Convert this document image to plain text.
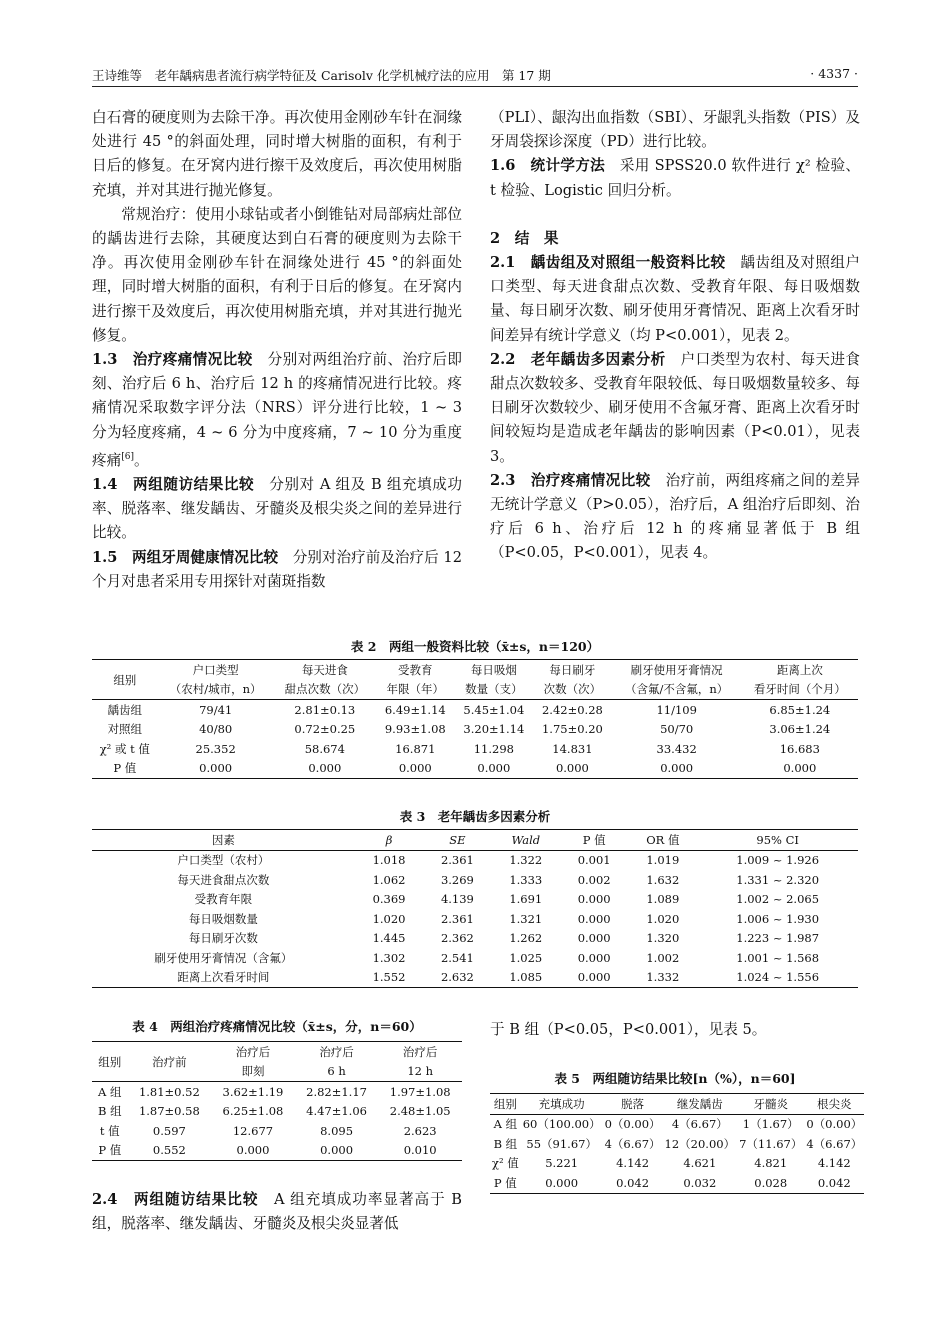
王诗维等　老年龋病患者流行病学特征及 Carisolv 化学机械疗法的应用　第 17 期	· 4337 ·

白石膏的硬度则为去除干净。再次使用金刚砂车针在洞缘处进行 45 °的斜面处理，同时增大树脂的面积，有利于日后的修复。在牙窝内进行擦干及效度后，再次使用树脂充填，并对其进行抛光修复。

常规治疗：使用小球钻或者小倒锥钻对局部病灶部位的龋齿进行去除，其硬度达到白石膏的硬度则为去除干净。再次使用金刚砂车针在洞缘处进行 45 °的斜面处理，同时增大树脂的面积，有利于日后的修复。在牙窝内进行擦干及效度后，再次使用树脂充填，并对其进行抛光修复。

1.3　治疗疼痛情况比较　 分别对两组治疗前、治疗后即刻、治疗后 6 h、治疗后 12 h 的疼痛情况进行比较。疼痛情况采取数字评分法（NRS）评分进行比较，1 ~ 3 分为轻度疼痛，4 ~ 6 分为中度疼痛，7 ~ 10 分为重度疼痛[6]。

1.4　两组随访结果比较　 分别对 A 组及 B 组充填成功率、脱落率、继发龋齿、牙髓炎及根尖炎之间的差异进行比较。

1.5　两组牙周健康情况比较　 分别对治疗前及治疗后 12 个月对患者采用专用探针对菌斑指数

（PLI）、龈沟出血指数（SBI）、牙龈乳头指数（PIS）及牙周袋探诊深度（PD）进行比较。

1.6　统计学方法　 采用 SPSS20.0 软件进行 χ² 检验、t 检验、Logistic 回归分析。

2　结　果

2.1　龋齿组及对照组一般资料比较　 龋齿组及对照组户口类型、每天进食甜点次数、受教育年限、每日吸烟数量、每日刷牙次数、刷牙使用牙膏情况、距离上次看牙时间差异有统计学意义（均 P<0.001），见表 2。

2.2　老年龋齿多因素分析　 户口类型为农村、每天进食甜点次数较多、受教育年限较低、每日吸烟数量较多、每日刷牙次数较少、刷牙使用不含氟牙膏、距离上次看牙时间较短均是造成老年龋齿的影响因素（P<0.01），见表 3。

2.3　治疗疼痛情况比较　 治疗前，两组疼痛之间的差异无统计学意义（P>0.05），治疗后，A 组治疗后即刻、治疗后 6 h、治疗后 12 h 的疼痛显著低于 B 组（P<0.05，P<0.001），见表 4。

表 2　两组一般资料比较（x̄±s，n＝120）
组别	户口类型	每天进食	受教育	每日吸烟	每日刷牙	刷牙使用牙膏情况	距离上次
	（农村/城市，n）	甜点次数（次）	年限（年）	数量（支）	次数（次）	（含氟/不含氟，n）	看牙时间（个月）
龋齿组	79/41	2.81±0.13	6.49±1.14	5.45±1.04	2.42±0.28	11/109	6.85±1.24
对照组	40/80	0.72±0.25	9.93±1.08	3.20±1.14	1.75±0.20	50/70	3.06±1.24
χ² 或 t 值	25.352	58.674	16.871	11.298	14.831	33.432	16.683
P 值	0.000	0.000	0.000	0.000	0.000	0.000	0.000
表 3　老年龋齿多因素分析
因素	β	SE	Wald	P 值	OR 值	95% CI
户口类型（农村）	1.018	2.361	1.322	0.001	1.019	1.009 ~ 1.926
每天进食甜点次数	1.062	3.269	1.333	0.002	1.632	1.331 ~ 2.320
受教育年限	0.369	4.139	1.691	0.000	1.089	1.002 ~ 2.065
每日吸烟数量	1.020	2.361	1.321	0.000	1.020	1.006 ~ 1.930
每日刷牙次数	1.445	2.362	1.262	0.000	1.320	1.223 ~ 1.987
刷牙使用牙膏情况（含氟）	1.302	2.541	1.025	0.000	1.002	1.001 ~ 1.568
距离上次看牙时间	1.552	2.632	1.085	0.000	1.332	1.024 ~ 1.556
表 4　两组治疗疼痛情况比较（x̄±s，分，n＝60）
组别	治疗前	治疗后	治疗后	治疗后
		即刻	6 h	12 h
A 组	1.81±0.52	3.62±1.19	2.82±1.17	1.97±1.08
B 组	1.87±0.58	6.25±1.08	4.47±1.06	2.48±1.05
t 值	0.597	12.677	8.095	2.623
P 值	0.552	0.000	0.000	0.010

2.4　两组随访结果比较　 A 组充填成功率显著高于 B 组，脱落率、继发龋齿、牙髓炎及根尖炎显著低

于 B 组（P<0.05，P<0.001），见表 5。

表 5　两组随访结果比较[n（%），n＝60]
组别	充填成功	脱落	继发龋齿	牙髓炎	根尖炎
A 组	60（100.00）	0（0.00）	4（6.67）	1（1.67）	0（0.00）
B 组	55（91.67）	4（6.67）	12（20.00）	7（11.67）	4（6.67）
χ² 值	5.221	4.142	4.621	4.821	4.142
P 值	0.000	0.042	0.032	0.028	0.042
